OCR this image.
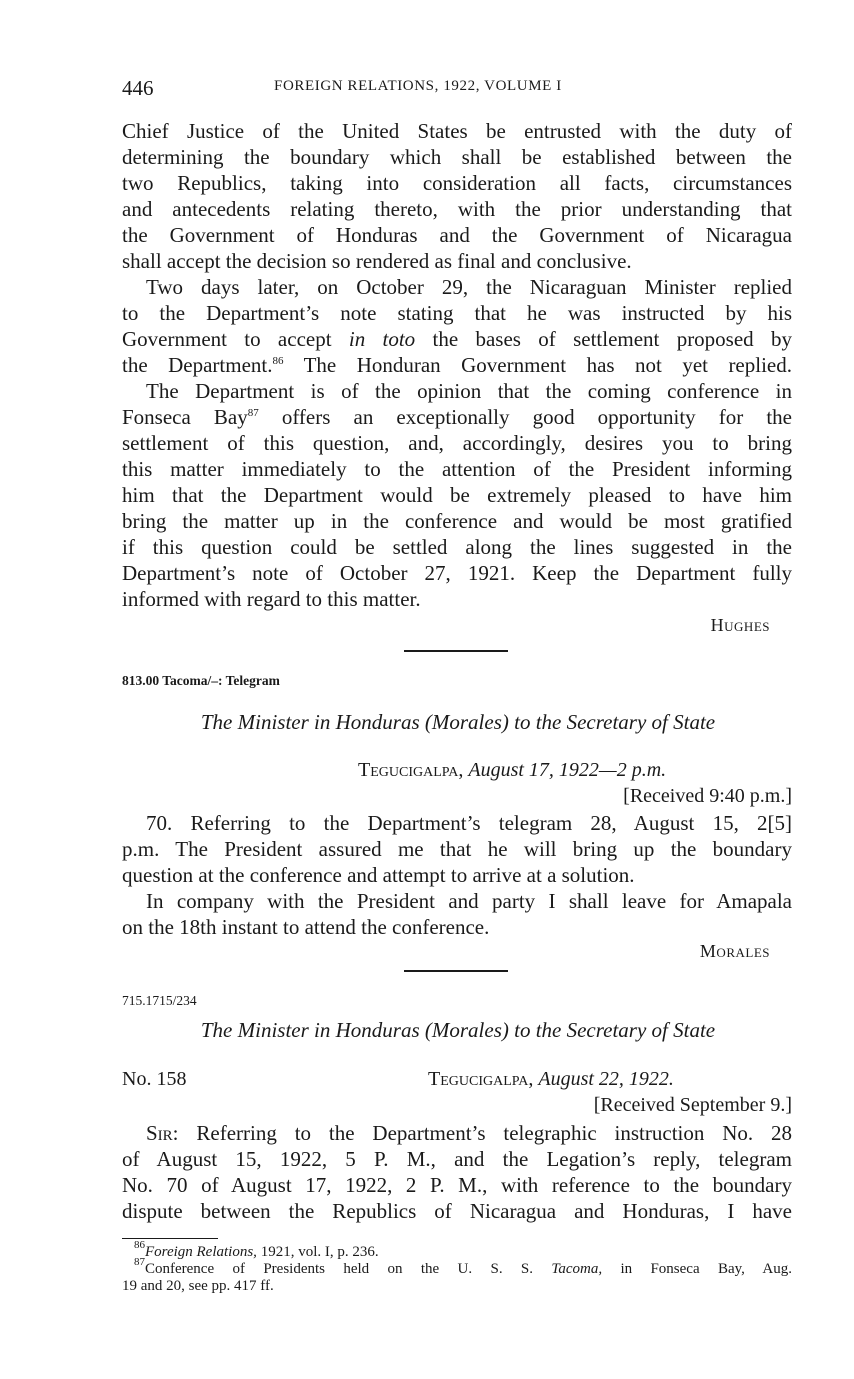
446	FOREIGN RELATIONS, 1922, VOLUME I
Chief Justice of the United States be entrusted with the duty of
determining the boundary which shall be established between the
two Republics, taking into consideration all facts, circumstances
and antecedents relating thereto, with the prior understanding that
the Government of Honduras and the Government of Nicaragua
shall accept the decision so rendered as final and conclusive.
Two days later, on October 29, the Nicaraguan Minister replied
to the Department’s note stating that he was instructed by his
Government to accept in toto the bases of settlement proposed by
the Department.$^{86}$ The Honduran Government has not yet replied.
The Department is of the opinion that the coming conference in
Fonseca Bay$^{87}$ offers an exceptionally good opportunity for the
settlement of this question, and, accordingly, desires you to bring
this matter immediately to the attention of the President informing
him that the Department would be extremely pleased to have him
bring the matter up in the conference and would be most gratified
if this question could be settled along the lines suggested in the
Department’s note of October 27, 1921. Keep the Department fully
informed with regard to this matter.
Hughes
813.00 Tacoma/–: Telegram
The Minister in Honduras (Morales) to the Secretary of State
Tegucigalpa, August 17, 1922—2 p.m.
[Received 9:40 p.m.]
70. Referring to the Department’s telegram 28, August 15, 2[5]
p.m. The President assured me that he will bring up the boundary
question at the conference and attempt to arrive at a solution.
In company with the President and party I shall leave for Amapala
on the 18th instant to attend the conference.
Morales
715.1715/234
The Minister in Honduras (Morales) to the Secretary of State
No. 158	Tegucigalpa, August 22, 1922.
[Received September 9.]
Sir: Referring to the Department’s telegraphic instruction No. 28
of August 15, 1922, 5 P. M., and the Legation’s reply, telegram
No. 70 of August 17, 1922, 2 P. M., with reference to the boundary
dispute between the Republics of Nicaragua and Honduras, I have
$^{86}$Foreign Relations, 1921, vol. I, p. 236.
$^{87}$Conference of Presidents held on the U. S. S. Tacoma, in Fonseca Bay, Aug.
19 and 20, see pp. 417 ff.
